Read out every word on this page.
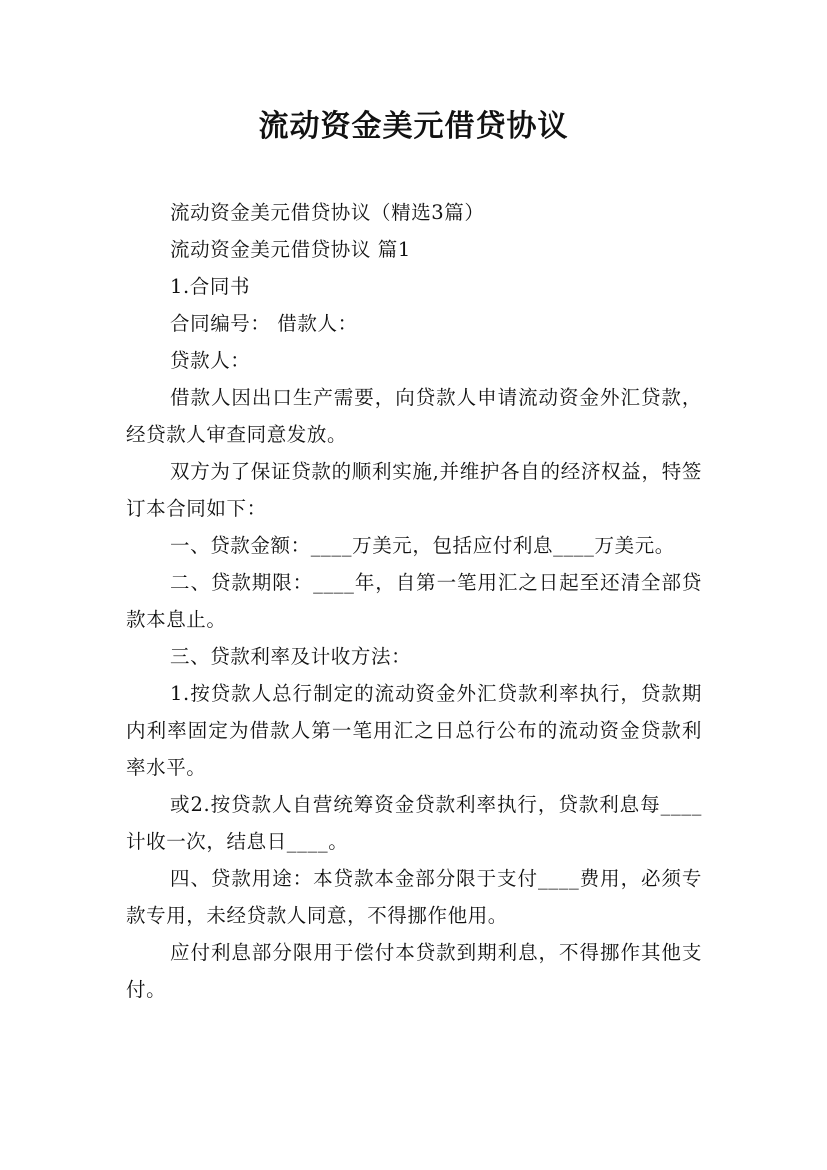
流动资金美元借贷协议

流动资金美元借贷协议（精选3篇）

流动资金美元借贷协议 篇1

1.合同书

合同编号： 借款人：

贷款人：

借款人因出口生产需要，向贷款人申请流动资金外汇贷款，经贷款人审查同意发放。

双方为了保证贷款的顺利实施,并维护各自的经济权益，特签订本合同如下：

一、贷款金额：____万美元，包括应付利息____万美元。

二、贷款期限：____年，自第一笔用汇之日起至还清全部贷款本息止。

三、贷款利率及计收方法：

1.按贷款人总行制定的流动资金外汇贷款利率执行，贷款期内利率固定为借款人第一笔用汇之日总行公布的流动资金贷款利率水平。

或2.按贷款人自营统筹资金贷款利率执行，贷款利息每____计收一次，结息日____。

四、贷款用途：本贷款本金部分限于支付____费用，必须专款专用，未经贷款人同意，不得挪作他用。

应付利息部分限用于偿付本贷款到期利息，不得挪作其他支付。
